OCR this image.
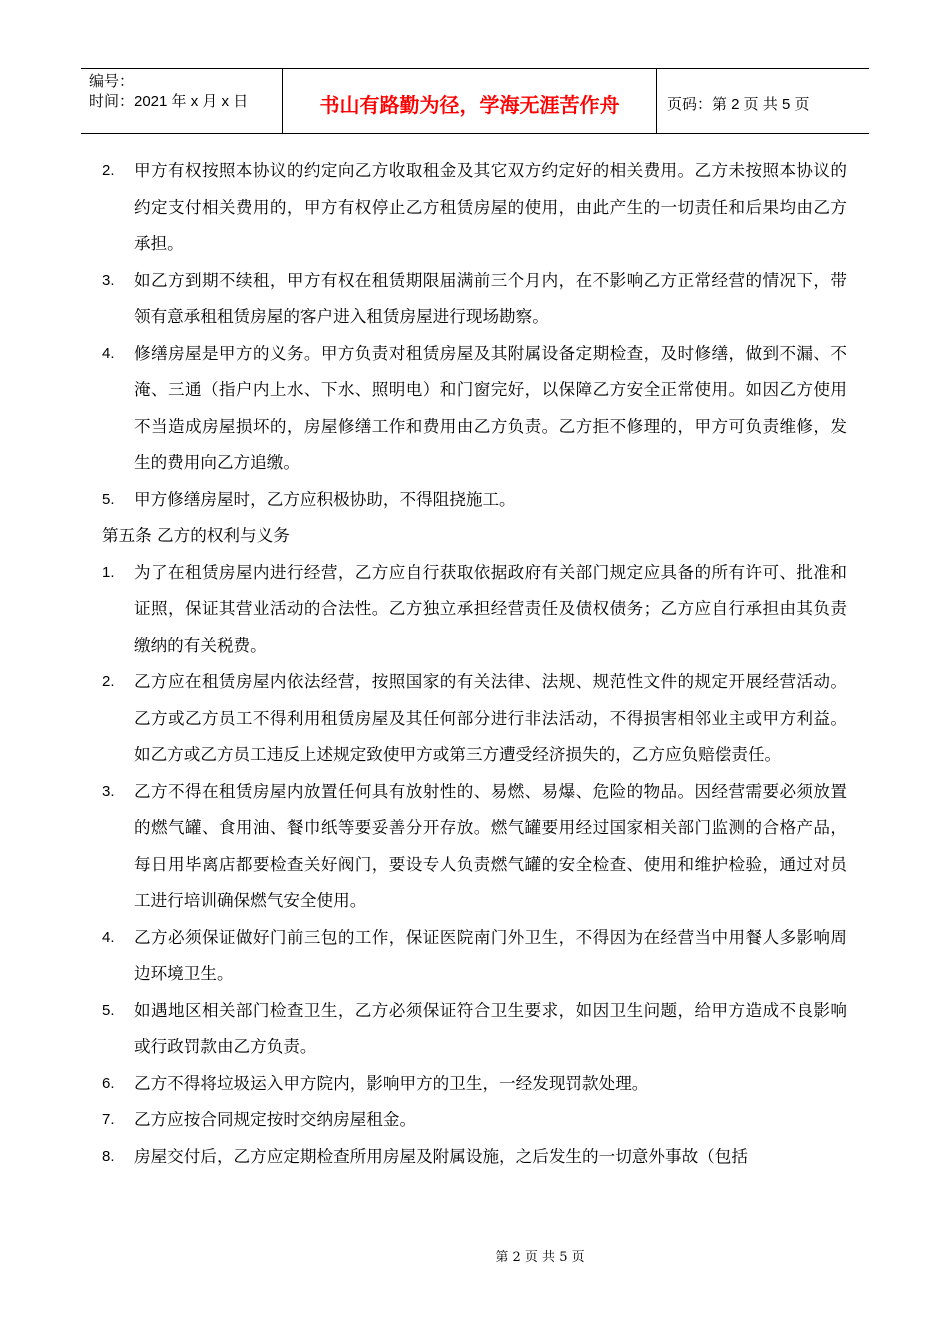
编号：
时间：2021 年 x 月 x 日	书山有路勤为径，学海无涯苦作舟	页码：第 2 页 共 5 页
2. 甲方有权按照本协议的约定向乙方收取租金及其它双方约定好的相关费用。乙方未按照本协议的约定支付相关费用的，甲方有权停止乙方租赁房屋的使用，由此产生的一切责任和后果均由乙方承担。
3. 如乙方到期不续租，甲方有权在租赁期限届满前三个月内，在不影响乙方正常经营的情况下，带领有意承租租赁房屋的客户进入租赁房屋进行现场勘察。
4. 修缮房屋是甲方的义务。甲方负责对租赁房屋及其附属设备定期检查，及时修缮，做到不漏、不淹、三通（指户内上水、下水、照明电）和门窗完好，以保障乙方安全正常使用。如因乙方使用不当造成房屋损坏的，房屋修缮工作和费用由乙方负责。乙方拒不修理的，甲方可负责维修，发生的费用向乙方追缴。
5. 甲方修缮房屋时，乙方应积极协助，不得阻挠施工。
第五条 乙方的权利与义务
1. 为了在租赁房屋内进行经营，乙方应自行获取依据政府有关部门规定应具备的所有许可、批准和证照，保证其营业活动的合法性。乙方独立承担经营责任及债权债务；乙方应自行承担由其负责缴纳的有关税费。
2. 乙方应在租赁房屋内依法经营，按照国家的有关法律、法规、规范性文件的规定开展经营活动。乙方或乙方员工不得利用租赁房屋及其任何部分进行非法活动，不得损害相邻业主或甲方利益。如乙方或乙方员工违反上述规定致使甲方或第三方遭受经济损失的，乙方应负赔偿责任。
3. 乙方不得在租赁房屋内放置任何具有放射性的、易燃、易爆、危险的物品。因经营需要必须放置的燃气罐、食用油、餐巾纸等要妥善分开存放。燃气罐要用经过国家相关部门监测的合格产品，每日用毕离店都要检查关好阀门，要设专人负责燃气罐的安全检查、使用和维护检验，通过对员工进行培训确保燃气安全使用。
4. 乙方必须保证做好门前三包的工作，保证医院南门外卫生，不得因为在经营当中用餐人多影响周边环境卫生。
5. 如遇地区相关部门检查卫生，乙方必须保证符合卫生要求，如因卫生问题，给甲方造成不良影响或行政罚款由乙方负责。
6. 乙方不得将垃圾运入甲方院内，影响甲方的卫生，一经发现罚款处理。
7. 乙方应按合同规定按时交纳房屋租金。
8. 房屋交付后，乙方应定期检查所用房屋及附属设施，之后发生的一切意外事故（包括
第 2 页 共 5 页
